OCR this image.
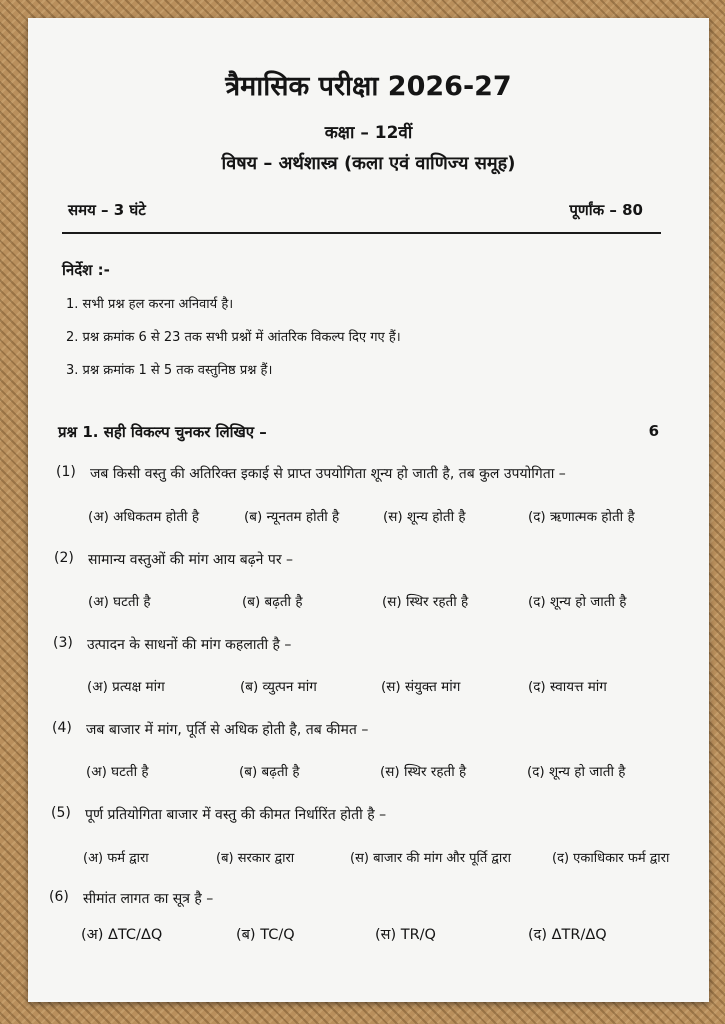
त्रैमासिक परीक्षा 2026-27
कक्षा – 12वीं
विषय – अर्थशास्त्र (कला एवं वाणिज्य समूह)
समय – 3 घंटे	पूर्णांक – 80
निर्देश :-
1. सभी प्रश्न हल करना अनिवार्य है।
2. प्रश्न क्रमांक 6 से 23 तक सभी प्रश्नों में आंतरिक विकल्प दिए गए हैं।
3. प्रश्न क्रमांक 1 से 5 तक वस्तुनिष्ठ प्रश्न हैं।
प्रश्न 1. सही विकल्प चुनकर लिखिए –	6
(1) जब किसी वस्तु की अतिरिक्त इकाई से प्राप्त उपयोगिता शून्य हो जाती है, तब कुल उपयोगिता –
(अ) अधिकतम होती है	(ब) न्यूनतम होती है	(स) शून्य होती है	(द) ऋणात्मक होती है
(2) सामान्य वस्तुओं की मांग आय बढ़ने पर –
(अ) घटती है	(ब) बढ़ती है	(स) स्थिर रहती है	(द) शून्य हो जाती है
(3) उत्पादन के साधनों की मांग कहलाती है –
(अ) प्रत्यक्ष मांग	(ब) व्युत्पन मांग	(स) संयुक्त मांग	(द) स्वायत्त मांग
(4) जब बाजार में मांग, पूर्ति से अधिक होती है, तब कीमत –
(अ) घटती है	(ब) बढ़ती है	(स) स्थिर रहती है	(द) शून्य हो जाती है
(5) पूर्ण प्रतियोगिता बाजार में वस्तु की कीमत निर्धारिंत होती है –
(अ) फर्म द्वारा	(ब) सरकार द्वारा	(स) बाजार की मांग और पूर्ति द्वारा	(द) एकाधिकार फर्म द्वारा
(6) सीमांत लागत का सूत्र है –
(अ) ΔTC/ΔQ	(ब) TC/Q	(स) TR/Q	(द) ΔTR/ΔQ
